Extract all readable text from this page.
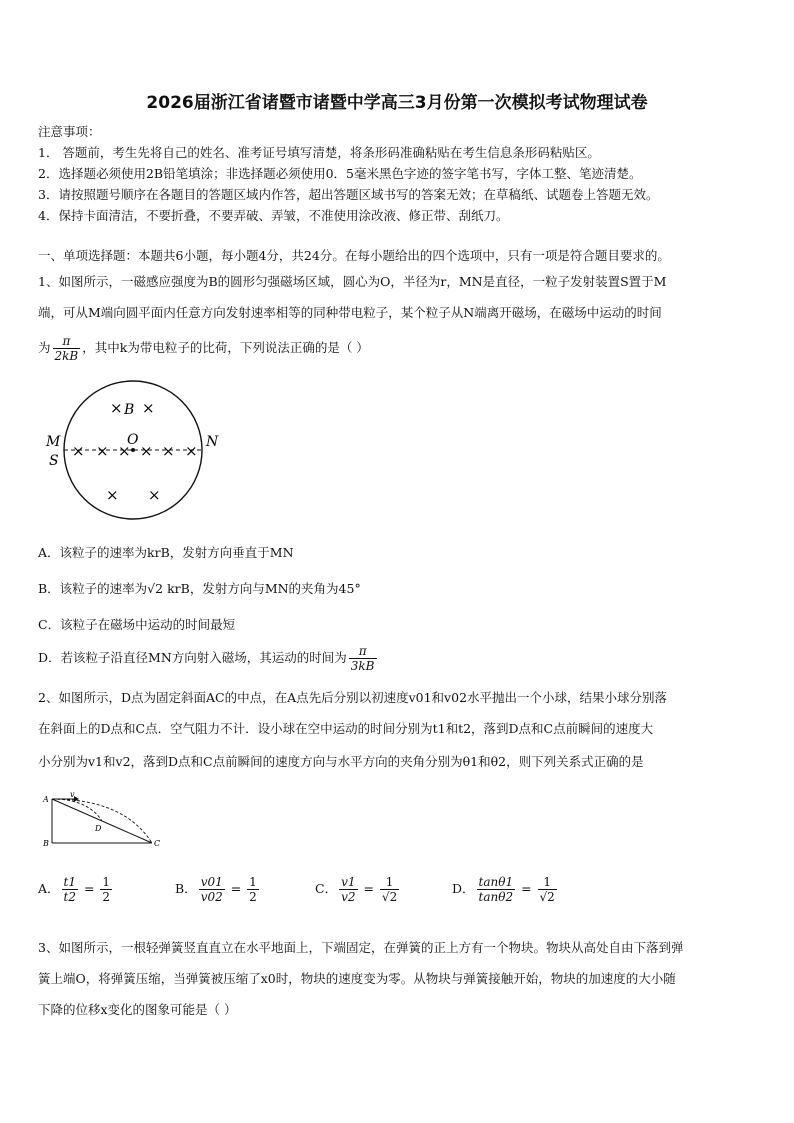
2026届浙江省诸暨市诸暨中学高三3月份第一次模拟考试物理试卷
注意事项：
1． 答题前，考生先将自己的姓名、准考证号填写清楚，将条形码准确粘贴在考生信息条形码粘贴区。
2．选择题必须使用2B铅笔填涂；非选择题必须使用0．5毫米黑色字迹的签字笔书写，字体工整、笔迹清楚。
3．请按照题号顺序在各题目的答题区域内作答，超出答题区域书写的答案无效；在草稿纸、试题卷上答题无效。
4．保持卡面清洁，不要折叠，不要弄破、弄皱，不准使用涂改液、修正带、刮纸刀。
一、单项选择题：本题共6小题，每小题4分，共24分。在每小题给出的四个选项中，只有一项是符合题目要求的。
1、如图所示，一磁感应强度为B的圆形匀强磁场区域，圆心为O，半径为r，MN是直径，一粒子发射装置S置于M
端，可从M端向圆平面内任意方向发射速率相等的同种带电粒子，某个粒子从N端离开磁场，在磁场中运动的时间
为 $\frac{\pi}{2kB}$ ，其中k为带电粒子的比荷，下列说法正确的是（ ）
× B ×
O
× × × × × ×
× ×
M
S
N
A．该粒子的速率为krB，发射方向垂直于MN
B．该粒子的速率为√2 krB，发射方向与MN的夹角为45°
C．该粒子在磁场中运动的时间最短
D．若该粒子沿直径MN方向射入磁场，其运动的时间为 $\frac{\pi}{3kB}$
2、如图所示，D点为固定斜面AC的中点，在A点先后分别以初速度v01和v02水平抛出一个小球，结果小球分别落
在斜面上的D点和C点．空气阻力不计．设小球在空中运动的时间分别为t1和t2，落到D点和C点前瞬间的速度大
小分别为v1和v2，落到D点和C点前瞬间的速度方向与水平方向的夹角分别为θ1和θ2，则下列关系式正确的是
A
v
D
B	C
A． $\frac{t1}{t2} = \frac{1}{2}$	B． $\frac{v01}{v02} = \frac{1}{2}$	C． $\frac{v1}{v2} = \frac{1}{√2}$	D． $\frac{\tan\theta 1}{\tan\theta 2} = \frac{1}{√2}$
3、如图所示，一根轻弹簧竖直直立在水平地面上，下端固定，在弹簧的正上方有一个物块。物块从高处自由下落到弹
簧上端O，将弹簧压缩，当弹簧被压缩了x0时，物块的速度变为零。从物块与弹簧接触开始，物块的加速度的大小随
下降的位移x变化的图象可能是（ ）
